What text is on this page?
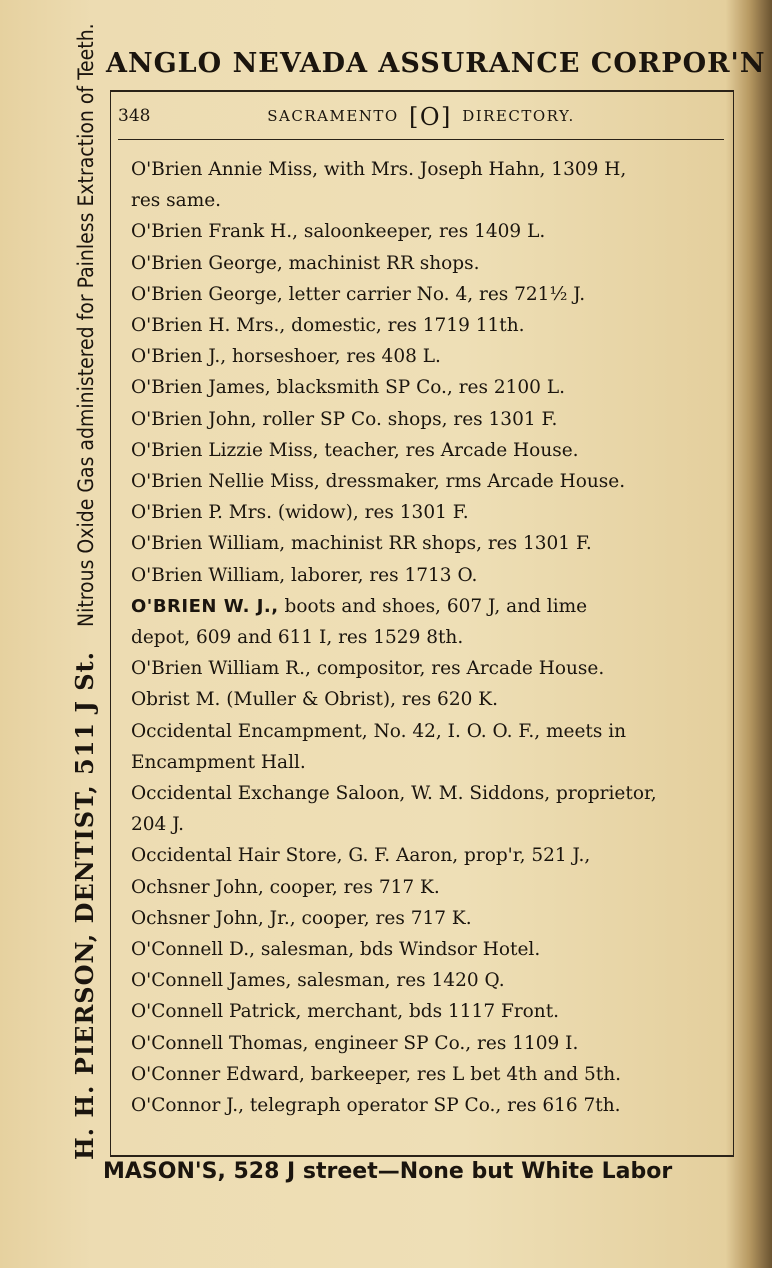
ANGLO NEVADA ASSURANCE CORPOR'N

H. H. PIERSON, DENTIST, 511 J St.    Nitrous Oxide Gas administered for Painless Extraction of Teeth.	348	SACRAMENTO [O] DIRECTORY.
O'Brien Annie Miss, with Mrs. Joseph Hahn, 1309 H,
res same.
O'Brien Frank H., saloonkeeper, res 1409 L.
O'Brien George, machinist RR shops.
O'Brien George, letter carrier No. 4, res 721½ J.
O'Brien H. Mrs., domestic, res 1719 11th.
O'Brien J., horseshoer, res 408 L.
O'Brien James, blacksmith SP Co., res 2100 L.
O'Brien John, roller SP Co. shops, res 1301 F.
O'Brien Lizzie Miss, teacher, res Arcade House.
O'Brien Nellie Miss, dressmaker, rms Arcade House.
O'Brien P. Mrs. (widow), res 1301 F.
O'Brien William, machinist RR shops, res 1301 F.
O'Brien William, laborer, res 1713 O.
O'BRIEN W. J., boots and shoes, 607 J, and lime
depot, 609 and 611 I, res 1529 8th.
O'Brien William R., compositor, res Arcade House.
Obrist M. (Muller & Obrist), res 620 K.
Occidental Encampment, No. 42, I. O. O. F., meets in
Encampment Hall.
Occidental Exchange Saloon, W. M. Siddons, proprietor,
204 J.
Occidental Hair Store, G. F. Aaron, prop'r, 521 J.,
Ochsner John, cooper, res 717 K.
Ochsner John, Jr., cooper, res 717 K.
O'Connell D., salesman, bds Windsor Hotel.
O'Connell James, salesman, res 1420 Q.
O'Connell Patrick, merchant, bds 1117 Front.
O'Connell Thomas, engineer SP Co., res 1109 I.
O'Conner Edward, barkeeper, res L bet 4th and 5th.
O'Connor J., telegraph operator SP Co., res 616 7th.

MASON'S, 528 J street—None but White Labor
